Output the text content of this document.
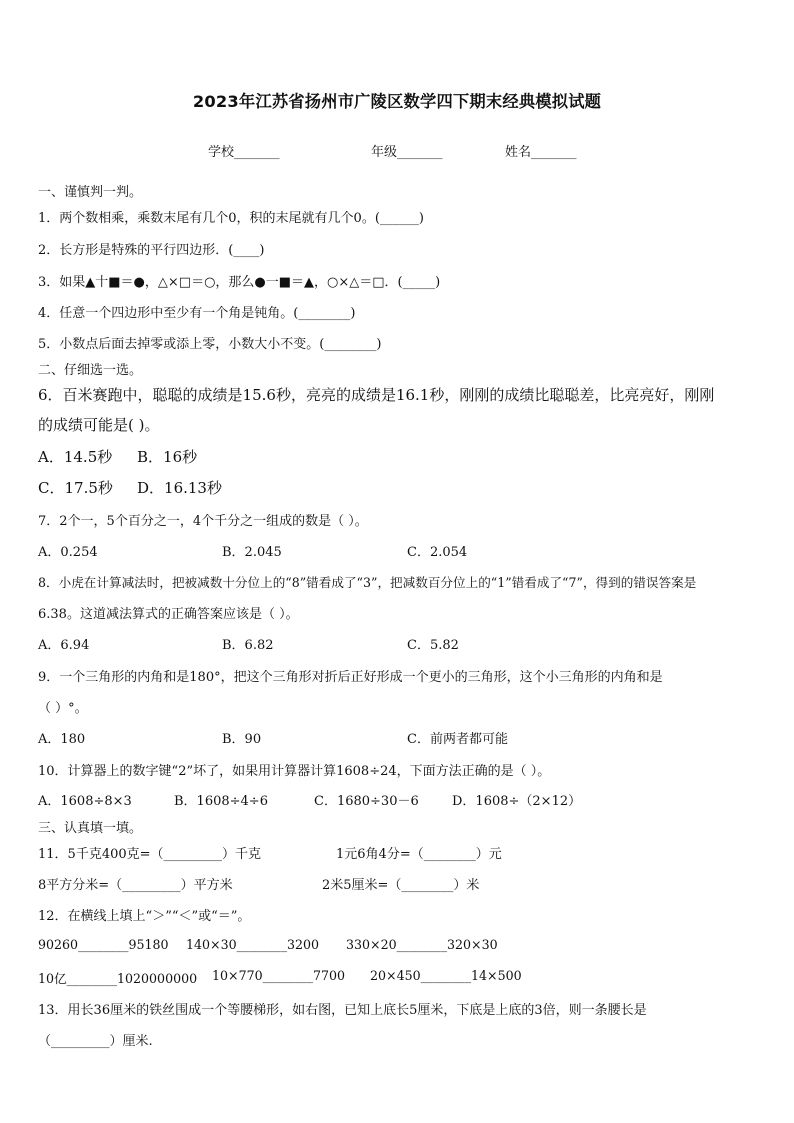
2023年江苏省扬州市广陵区数学四下期末经典模拟试题
学校_______	年级_______	姓名_______
一、谨慎判一判。
1．两个数相乘，乘数末尾有几个0，积的末尾就有几个0。(______)
2．长方形是特殊的平行四边形．(____)
3．如果▲十■＝●，△×□＝○，那么●一■＝▲，○×△＝□．(_____)
4．任意一个四边形中至少有一个角是钝角。(________)
5．小数点后面去掉零或添上零，小数大小不变。(________)
二、仔细选一选。
6．百米赛跑中，聪聪的成绩是15.6秒，亮亮的成绩是16.1秒，刚刚的成绩比聪聪差，比亮亮好，刚刚
的成绩可能是( )。
A．14.5秒 B．16秒
C．17.5秒 D．16.13秒
7．2个一，5个百分之一，4个千分之一组成的数是（ ）。
A．0.254	B．2.045	C．2.054
8．小虎在计算减法时，把被减数十分位上的“8”错看成了“3”，把减数百分位上的“1”错看成了“7”，得到的错误答案是
6.38。这道减法算式的正确答案应该是（ ）。
A．6.94	B．6.82	C．5.82
9．一个三角形的内角和是180°，把这个三角形对折后正好形成一个更小的三角形，这个小三角形的内角和是
（ ）°。
A．180	B．90	C．前两者都可能
10．计算器上的数字键“2”坏了，如果用计算器计算1608÷24，下面方法正确的是（ ）。
A．1608÷8×3	B．1608÷4÷6	C．1680÷30－6	D．1608÷（2×12）
三、认真填一填。
11．5千克400克=（_________）千克	1元6角4分=（________）元
8平方分米=（_________）平方米	2米5厘米=（________）米
12．在横线上填上“＞”“＜”或“＝”。
90260________95180 140×30________3200 330×20________320×30
10亿________1020000000 10×770________7700 20×450________14×500
13．用长36厘米的铁丝围成一个等腰梯形，如右图，已知上底长5厘米，下底是上底的3倍，则一条腰长是
（_________）厘米.
